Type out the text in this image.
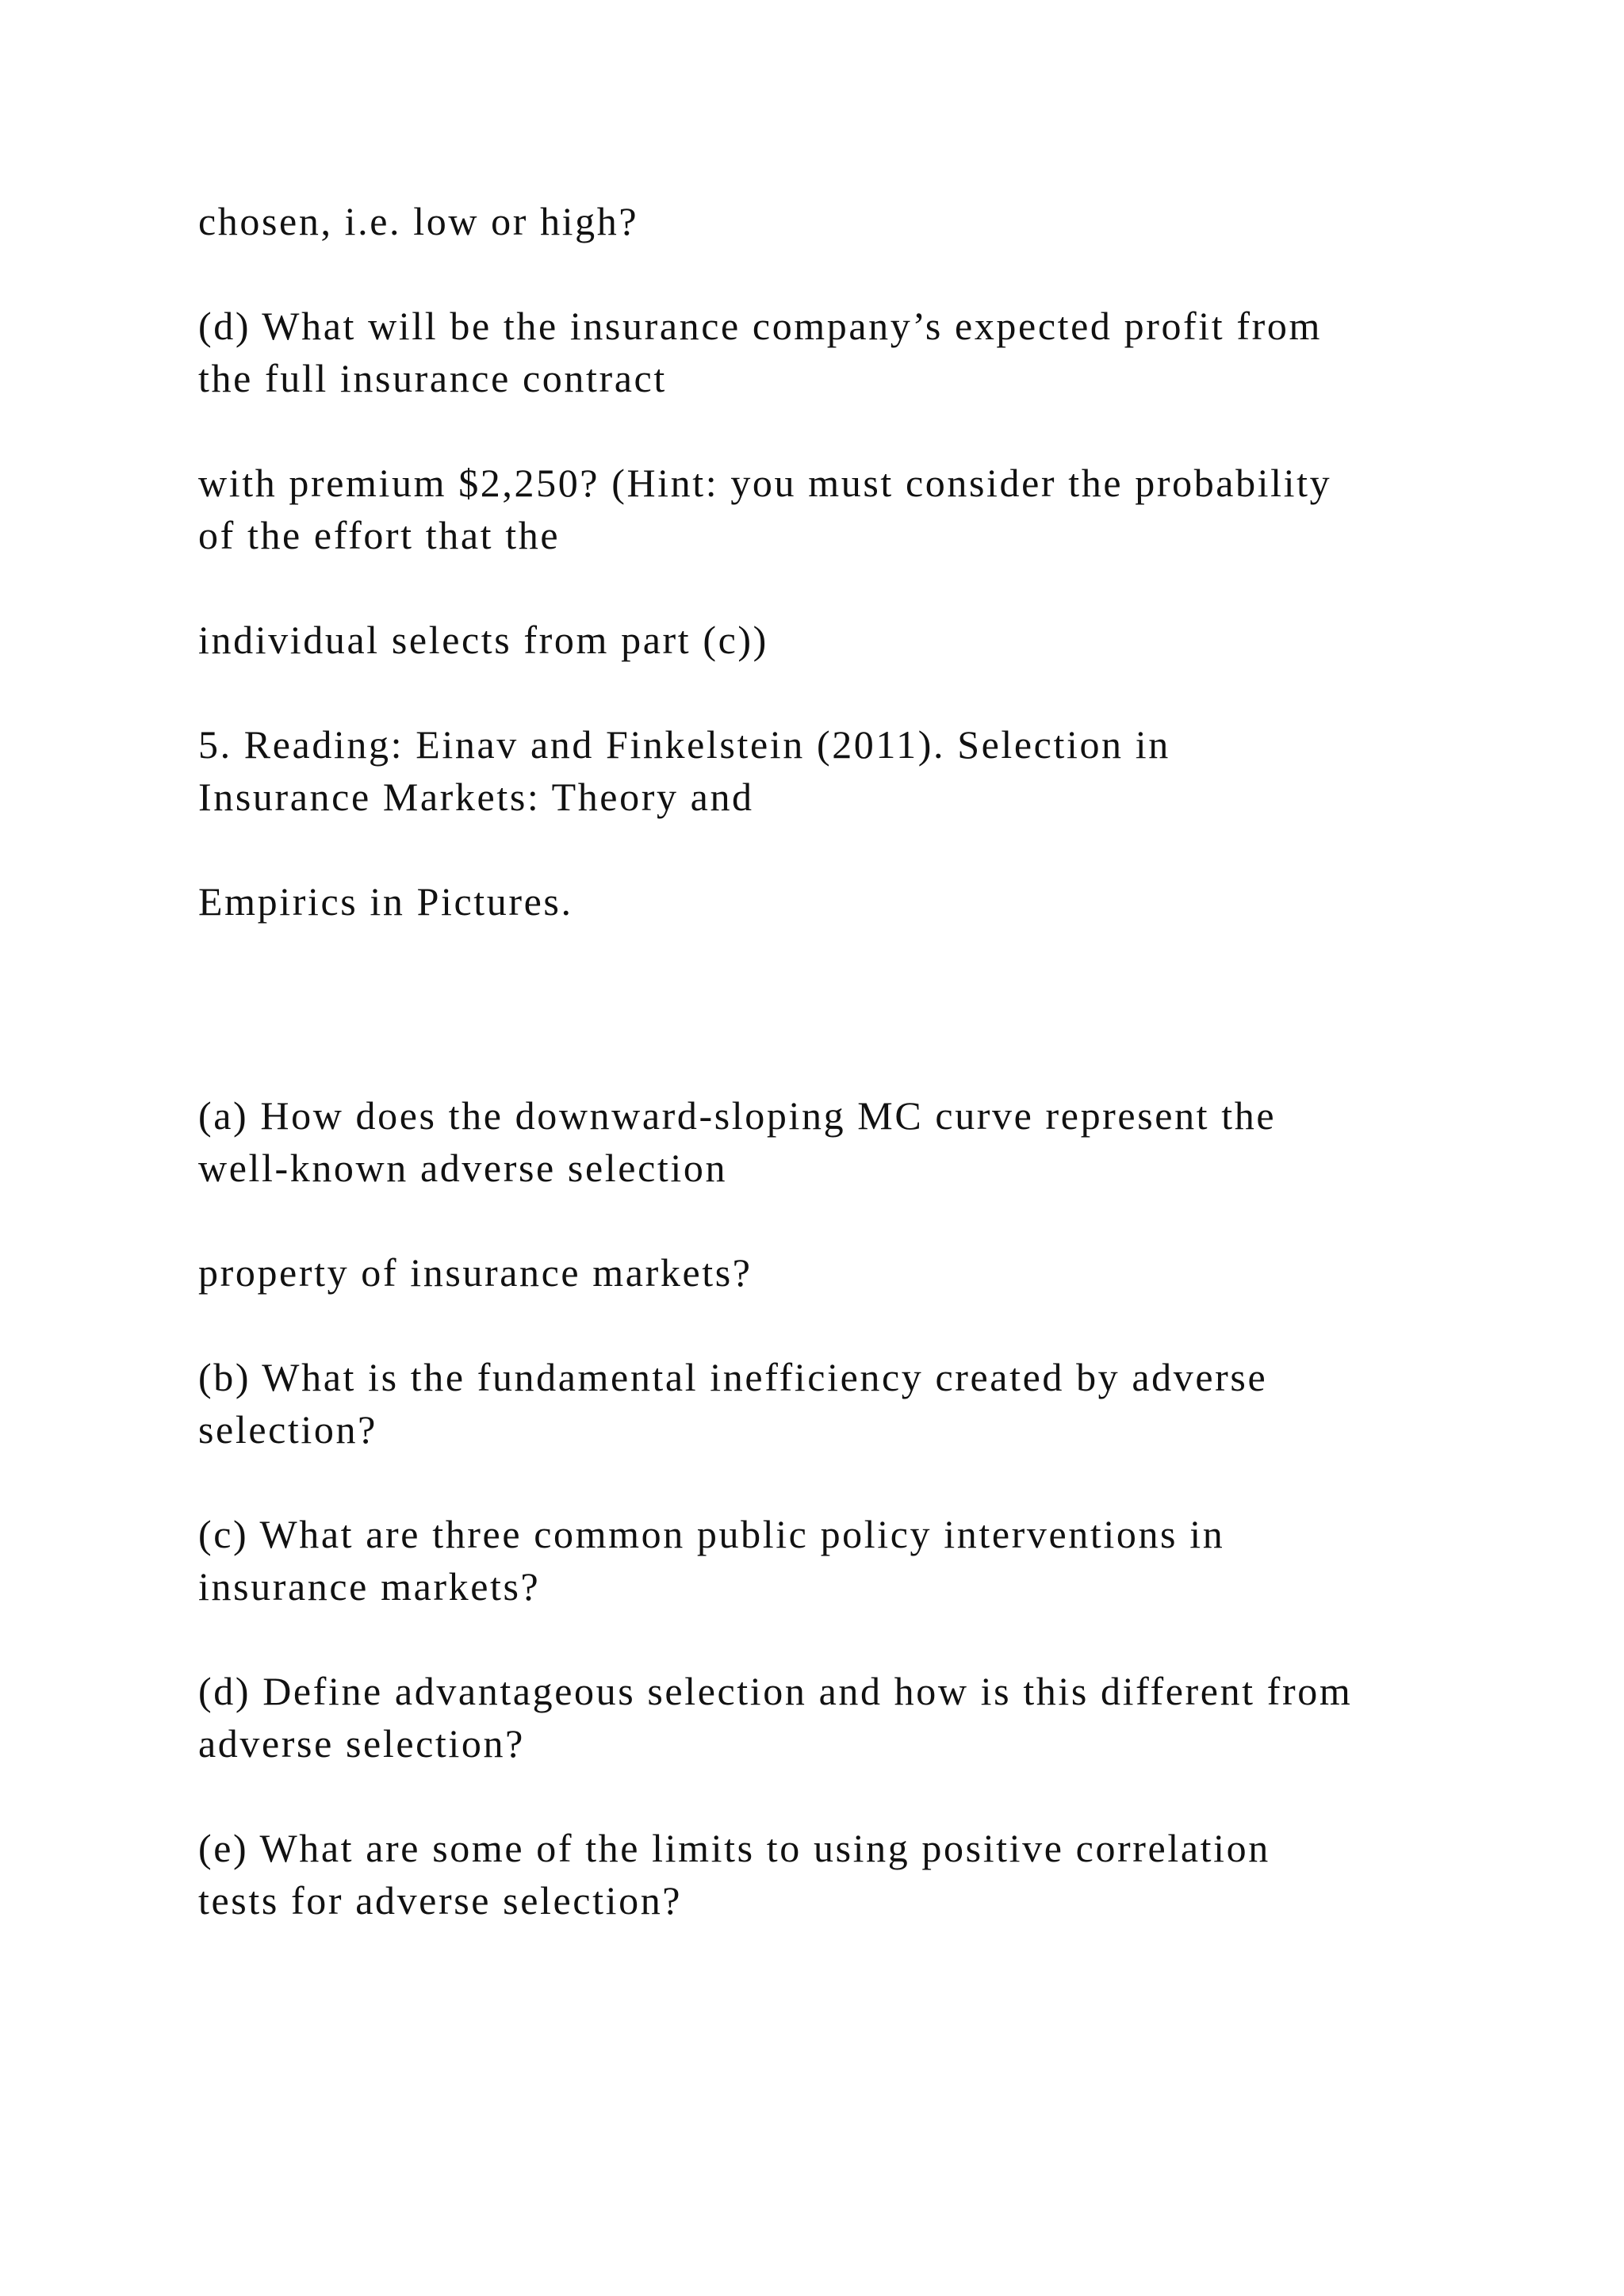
chosen, i.e. low or high?

(d) What will be the insurance company’s expected profit from
the full insurance contract

with premium $2,250? (Hint: you must consider the probability
of the effort that the

individual selects from part (c))

5. Reading: Einav and Finkelstein (2011). Selection in
Insurance Markets: Theory and

Empirics in Pictures.

(a) How does the downward-sloping MC curve represent the
well-known adverse selection

property of insurance markets?

(b) What is the fundamental inefficiency created by adverse
selection?

(c) What are three common public policy interventions in
insurance markets?

(d) Define advantageous selection and how is this different from
adverse selection?

(e) What are some of the limits to using positive correlation
tests for adverse selection?
